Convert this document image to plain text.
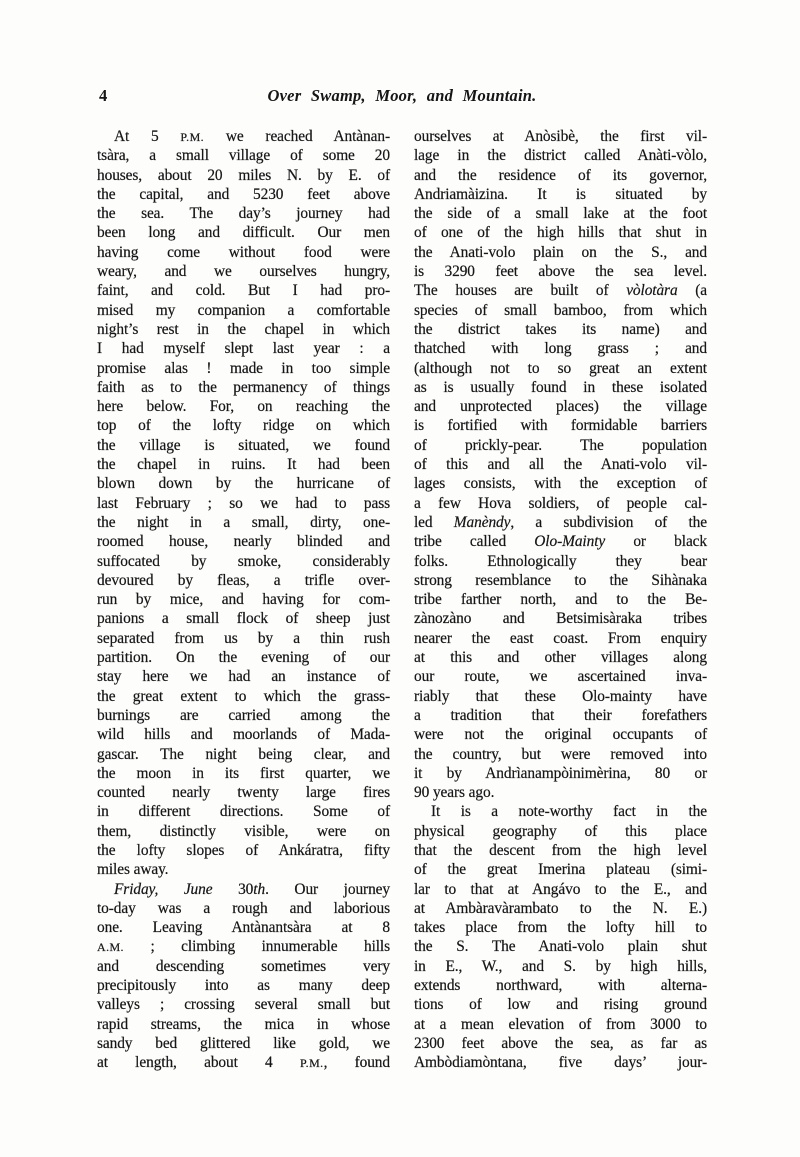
4	Over Swamp, Moor, and Mountain.
At 5 P.M. we reached Antànan-
tsàra, a small village of some 20
houses, about 20 miles N. by E. of
the capital, and 5230 feet above
the sea. The day’s journey had
been long and difficult. Our men
having come without food were
weary, and we ourselves hungry,
faint, and cold. But I had pro-
mised my companion a comfortable
night’s rest in the chapel in which
I had myself slept last year : a
promise alas ! made in too simple
faith as to the permanency of things
here below. For, on reaching the
top of the lofty ridge on which
the village is situated, we found
the chapel in ruins. It had been
blown down by the hurricane of
last February ; so we had to pass
the night in a small, dirty, one-
roomed house, nearly blinded and
suffocated by smoke, considerably
devoured by fleas, a trifle over-
run by mice, and having for com-
panions a small flock of sheep just
separated from us by a thin rush
partition. On the evening of our
stay here we had an instance of
the great extent to which the grass-
burnings are carried among the
wild hills and moorlands of Mada-
gascar. The night being clear, and
the moon in its first quarter, we
counted nearly twenty large fires
in different directions. Some of
them, distinctly visible, were on
the lofty slopes of Ankáratra, fifty
miles away.
Friday, June 30th. Our journey
to-day was a rough and laborious
one. Leaving Antànantsàra at 8
A.M. ; climbing innumerable hills
and descending sometimes very
precipitously into as many deep
valleys ; crossing several small but
rapid streams, the mica in whose
sandy bed glittered like gold, we
at length, about 4 P.M., found
ourselves at Anòsibè, the first vil-
lage in the district called Anàti-vòlo,
and the residence of its governor,
Andriamàizina. It is situated by
the side of a small lake at the foot
of one of the high hills that shut in
the Anati-volo plain on the S., and
is 3290 feet above the sea level.
The houses are built of vòlotàra (a
species of small bamboo, from which
the district takes its name) and
thatched with long grass ; and
(although not to so great an extent
as is usually found in these isolated
and unprotected places) the village
is fortified with formidable barriers
of prickly-pear. The population
of this and all the Anati-volo vil-
lages consists, with the exception of
a few Hova soldiers, of people cal-
led Manèndy, a subdivision of the
tribe called Olo-Mainty or black
folks. Ethnologically they bear
strong resemblance to the Sihànaka
tribe farther north, and to the Be-
zànozàno and Betsimisàraka tribes
nearer the east coast. From enquiry
at this and other villages along
our route, we ascertained inva-
riably that these Olo-mainty have
a tradition that their forefathers
were not the original occupants of
the country, but were removed into
it by Andrìanampòinimèrina, 80 or
90 years ago.
It is a note-worthy fact in the
physical geography of this place
that the descent from the high level
of the great Imerina plateau (simi-
lar to that at Angávo to the E., and
at Ambàravàrambato to the N. E.)
takes place from the lofty hill to
the S. The Anati-volo plain shut
in E., W., and S. by high hills,
extends northward, with alterna-
tions of low and rising ground
at a mean elevation of from 3000 to
2300 feet above the sea, as far as
Ambòdiamòntana, five days’ jour-
